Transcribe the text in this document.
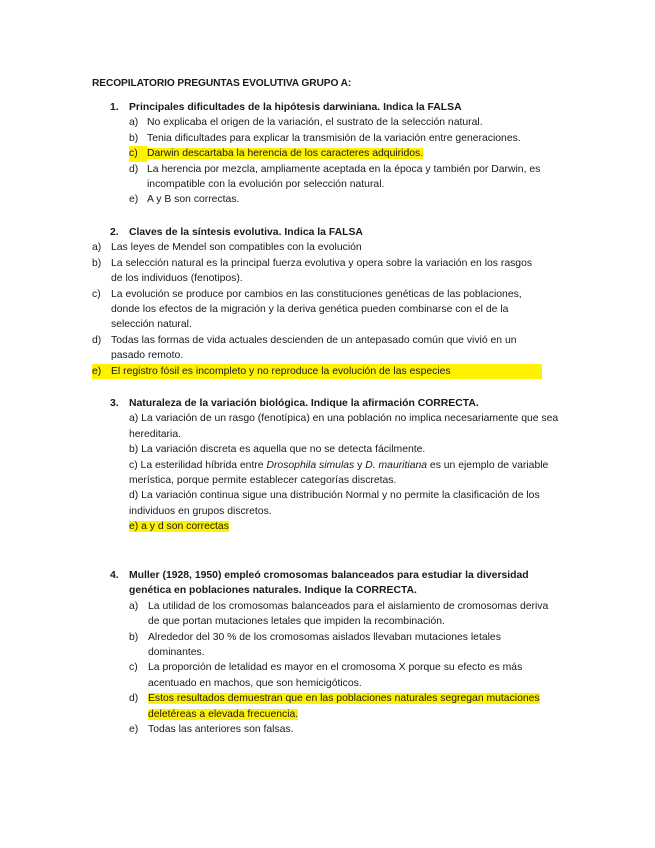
RECOPILATORIO PREGUNTAS EVOLUTIVA GRUPO A:
1. Principales dificultades de la hipótesis darwiniana. Indica la FALSA
a) No explicaba el origen de la variación, el sustrato de la selección natural.
b) Tenia dificultades para explicar la transmisión de la variación entre generaciones.
c) Darwin descartaba la herencia de los caracteres adquiridos.
d) La herencia por mezcla, ampliamente aceptada en la época y también por Darwin, es incompatible con la evolución por selección natural.
e) A y B son correctas.
2. Claves de la síntesis evolutiva. Indica la FALSA
a) Las leyes de Mendel son compatibles con la evolución
b) La selección natural es la principal fuerza evolutiva y opera sobre la variación en los rasgos de los individuos (fenotipos).
c) La evolución se produce por cambios en las constituciones genéticas de las poblaciones, donde los efectos de la migración y la deriva genética pueden combinarse con el de la selección natural.
d) Todas las formas de vida actuales descienden de un antepasado común que vivió en un pasado remoto.
e) El registro fósil es incompleto y no reproduce la evolución de las especies
3. Naturaleza de la variación biológica. Indique la afirmación CORRECTA.
a) La variación de un rasgo (fenotípica) en una población no implica necesariamente que sea hereditaria.
b) La variación discreta es aquella que no se detecta fácilmente.
c) La esterilidad híbrida entre Drosophila simulas y D. mauritiana es un ejemplo de variable merística, porque permite establecer categorías discretas.
d) La variación continua sigue una distribución Normal y no permite la clasificación de los individuos en grupos discretos.
e) a y d son correctas
4. Muller (1928, 1950) empleó cromosomas balanceados para estudiar la diversidad genética en poblaciones naturales. Indique la CORRECTA.
a) La utilidad de los cromosomas balanceados para el aislamiento de cromosomas deriva de que portan mutaciones letales que impiden la recombinación.
b) Alrededor del 30 % de los cromosomas aislados llevaban mutaciones letales dominantes.
c) La proporción de letalidad es mayor en el cromosoma X porque su efecto es más acentuado en machos, que son hemicigóticos.
d) Estos resultados demuestran que en las poblaciones naturales segregan mutaciones deletéreas a elevada frecuencia.
e) Todas las anteriores son falsas.
